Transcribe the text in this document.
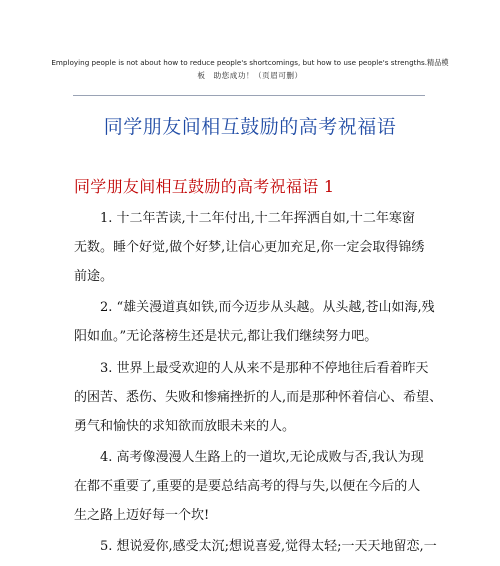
Employing people is not about how to reduce people's shortcomings, but how to use people's strengths.精品模
板　助您成功！（页眉可删）
同学朋友间相互鼓励的高考祝福语
同学朋友间相互鼓励的高考祝福语 1
1. 十二年苦读,十二年付出,十二年挥洒自如,十二年寒窗
无数。睡个好觉,做个好梦,让信心更加充足,你一定会取得锦绣
前途。
2. “雄关漫道真如铁,而今迈步从头越。从头越,苍山如海,残
阳如血。”无论落榜生还是状元,都让我们继续努力吧。
3. 世界上最受欢迎的人从来不是那种不停地往后看着昨天
的困苦、悉伤、失败和惨痛挫折的人,而是那种怀着信心、希望、
勇气和愉快的求知欲而放眼未来的人。
4. 高考像漫漫人生路上的一道坎,无论成败与否,我认为现
在都不重要了,重要的是要总结高考的得与失,以便在今后的人
生之路上迈好每一个坎!
5. 想说爱你,感受太沉;想说喜爱,觉得太轻;一天天地留恋,一
